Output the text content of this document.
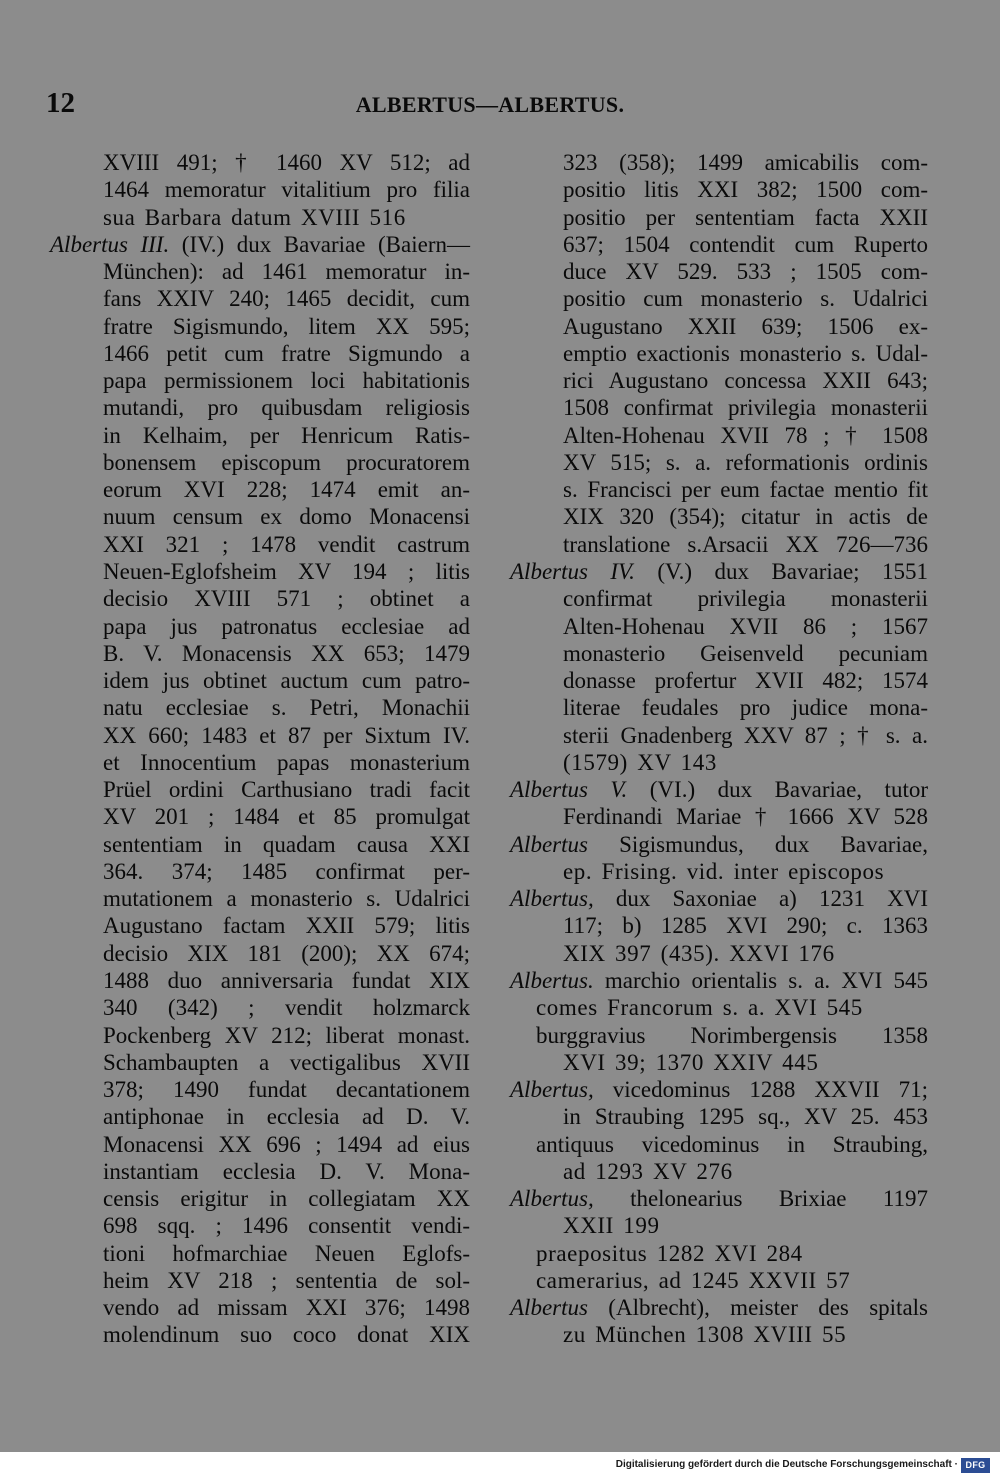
12	ALBERTUS—ALBERTUS.
XVIII 491; † 1460 XV 512; ad
1464 memoratur vitalitium pro filia
sua Barbara datum XVIII 516
Albertus III. (IV.) dux Bavariae (Baiern—
München): ad 1461 memoratur in-
fans XXIV 240; 1465 decidit, cum
fratre Sigismundo, litem XX 595;
1466 petit cum fratre Sigmundo a
papa permissionem loci habitationis
mutandi, pro quibusdam religiosis
in Kelhaim, per Henricum Ratis-
bonensem episcopum procuratorem
eorum XVI 228; 1474 emit an-
nuum censum ex domo Monacensi
XXI 321 ; 1478 vendit castrum
Neuen-Eglofsheim XV 194 ; litis
decisio XVIII 571 ; obtinet a
papa jus patronatus ecclesiae ad
B. V. Monacensis XX 653; 1479
idem jus obtinet auctum cum patro-
natu ecclesiae s. Petri, Monachii
XX 660; 1483 et 87 per Sixtum IV.
et Innocentium papas monasterium
Prüel ordini Carthusiano tradi facit
XV 201 ; 1484 et 85 promulgat
sententiam in quadam causa XXI
364. 374; 1485 confirmat per-
mutationem a monasterio s. Udalrici
Augustano factam XXII 579; litis
decisio XIX 181 (200); XX 674;
1488 duo anniversaria fundat XIX
340 (342) ; vendit holzmarck
Pockenberg XV 212; liberat monast.
Schambaupten a vectigalibus XVII
378; 1490 fundat decantationem
antiphonae in ecclesia ad D. V.
Monacensi XX 696 ; 1494 ad eius
instantiam ecclesia D. V. Mona-
censis erigitur in collegiatam XX
698 sqq. ; 1496 consentit vendi-
tioni hofmarchiae Neuen Eglofs-
heim XV 218 ; sententia de sol-
vendo ad missam XXI 376; 1498
molendinum suo coco donat XIX
323 (358); 1499 amicabilis com-
positio litis XXI 382; 1500 com-
positio per sententiam facta XXII
637; 1504 contendit cum Ruperto
duce XV 529. 533 ; 1505 com-
positio cum monasterio s. Udalrici
Augustano XXII 639; 1506 ex-
emptio exactionis monasterio s. Udal-
rici Augustano concessa XXII 643;
1508 confirmat privilegia monasterii
Alten-Hohenau XVII 78 ; † 1508
XV 515; s. a. reformationis ordinis
s. Francisci per eum factae mentio fit
XIX 320 (354); citatur in actis de
translatione s.Arsacii XX 726—736
Albertus IV. (V.) dux Bavariae; 1551
confirmat privilegia monasterii
Alten-Hohenau XVII 86 ; 1567
monasterio Geisenveld pecuniam
donasse profertur XVII 482; 1574
literae feudales pro judice mona-
sterii Gnadenberg XXV 87 ; † s. a.
(1579) XV 143
Albertus V. (VI.) dux Bavariae, tutor
Ferdinandi Mariae † 1666 XV 528
Albertus Sigismundus, dux Bavariae,
ep. Frising. vid. inter episcopos
Albertus, dux Saxoniae a) 1231 XVI
117; b) 1285 XVI 290; c. 1363
XIX 397 (435). XXVI 176
Albertus. marchio orientalis s. a. XVI 545
comes Francorum s. a. XVI 545
burggravius Norimbergensis 1358
XVI 39; 1370 XXIV 445
Albertus, vicedominus 1288 XXVII 71;
in Straubing 1295 sq., XV 25. 453
antiquus vicedominus in Straubing,
ad 1293 XV 276
Albertus, thelonearius Brixiae 1197
XXII 199
praepositus 1282 XVI 284
camerarius, ad 1245 XXVII 57
Albertus (Albrecht), meister des spitals
zu München 1308 XVIII 55
Digitalisierung gefördert durch die Deutsche Forschungsgemeinschaft · DFG
